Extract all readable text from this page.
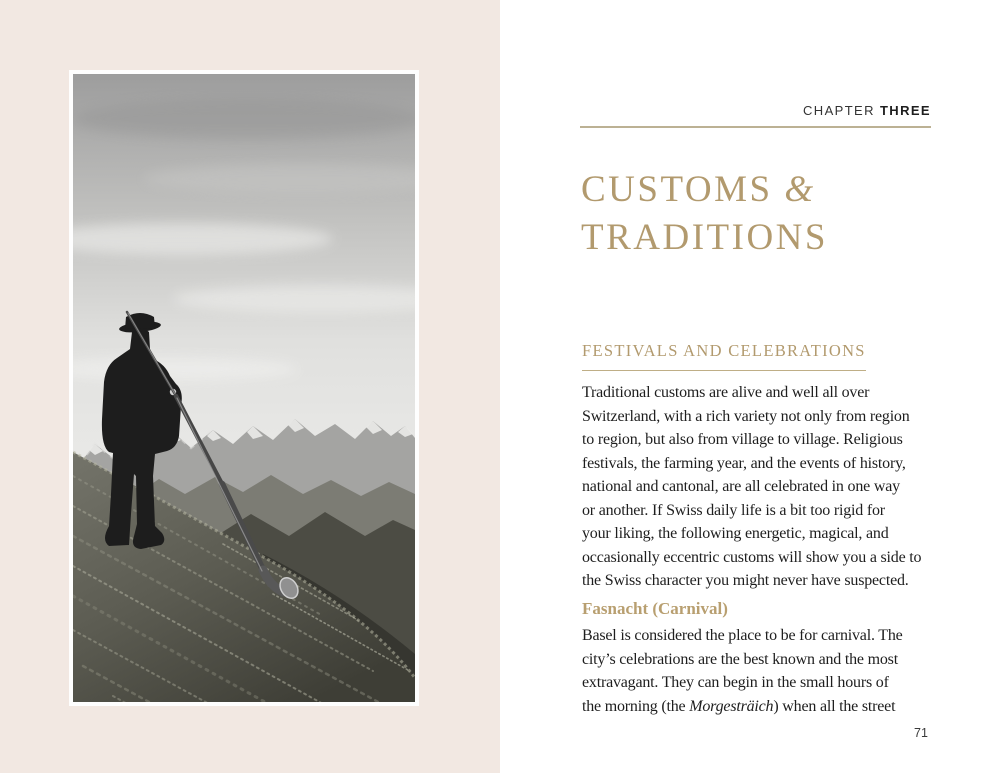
CHAPTER THREE
CUSTOMS &
TRADITIONS
FESTIVALS AND CELEBRATIONS
Traditional customs are alive and well all over
Switzerland, with a rich variety not only from region
to region, but also from village to village. Religious
festivals, the farming year, and the events of history,
national and cantonal, are all celebrated in one way
or another. If Swiss daily life is a bit too rigid for
your liking, the following energetic, magical, and
occasionally eccentric customs will show you a side to
the Swiss character you might never have suspected.
Fasnacht (Carnival)
Basel is considered the place to be for carnival. The
city’s celebrations are the best known and the most
extravagant. They can begin in the small hours of
the morning (the Morgesträich) when all the street
71
